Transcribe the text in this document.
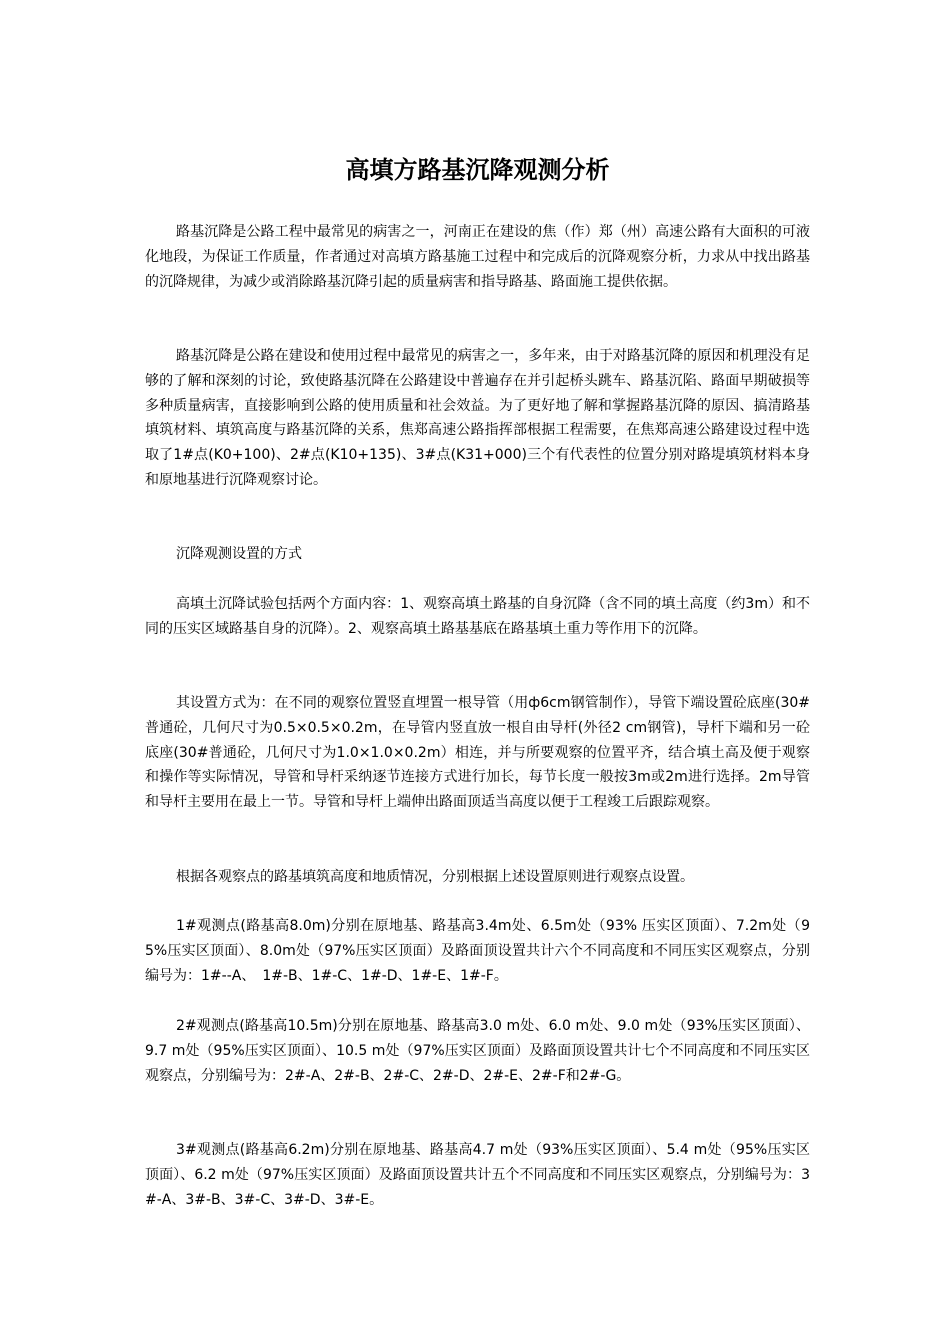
高填方路基沉降观测分析

路基沉降是公路工程中最常见的病害之一，河南正在建设的焦（作）郑（州）高速公路有大面积的可液化地段，为保证工作质量，作者通过对高填方路基施工过程中和完成后的沉降观察分析，力求从中找出路基的沉降规律，为减少或消除路基沉降引起的质量病害和指导路基、路面施工提供依据。

路基沉降是公路在建设和使用过程中最常见的病害之一，多年来，由于对路基沉降的原因和机理没有足够的了解和深刻的讨论，致使路基沉降在公路建设中普遍存在并引起桥头跳车、路基沉陷、路面早期破损等多种质量病害，直接影响到公路的使用质量和社会效益。为了更好地了解和掌握路基沉降的原因、搞清路基填筑材料、填筑高度与路基沉降的关系，焦郑高速公路指挥部根据工程需要，在焦郑高速公路建设过程中选取了1#点(K0+100)、2#点(K10+135)、3#点(K31+000)三个有代表性的位置分别对路堤填筑材料本身和原地基进行沉降观察讨论。

沉降观测设置的方式

高填土沉降试验包括两个方面内容：1、观察高填土路基的自身沉降（含不同的填土高度（约3m）和不同的压实区域路基自身的沉降）。2、观察高填土路基基底在路基填土重力等作用下的沉降。

其设置方式为：在不同的观察位置竖直埋置一根导管（用ф6cm钢管制作），导管下端设置砼底座(30#普通砼，几何尺寸为0.5×0.5×0.2m，在导管内竖直放一根自由导杆(外径2 cm钢管)，导杆下端和另一砼底座(30#普通砼，几何尺寸为1.0×1.0×0.2m）相连，并与所要观察的位置平齐，结合填土高及便于观察和操作等实际情况，导管和导杆采纳逐节连接方式进行加长，每节长度一般按3m或2m进行选择。2m导管和导杆主要用在最上一节。导管和导杆上端伸出路面顶适当高度以便于工程竣工后跟踪观察。

根据各观察点的路基填筑高度和地质情况，分别根据上述设置原则进行观察点设置。

1#观测点(路基高8.0m)分别在原地基、路基高3.4m处、6.5m处（93% 压实区顶面）、7.2m处（95%压实区顶面）、8.0m处（97%压实区顶面）及路面顶设置共计六个不同高度和不同压实区观察点，分别编号为：1#--A、　1#-B、1#-C、1#-D、1#-E、1#-F。

2#观测点(路基高10.5m)分别在原地基、路基高3.0 m处、6.0 m处、9.0 m处（93%压实区顶面）、9.7 m处（95%压实区顶面）、10.5 m处（97%压实区顶面）及路面顶设置共计七个不同高度和不同压实区观察点，分别编号为：2#-A、2#-B、2#-C、2#-D、2#-E、2#-F和2#-G。

3#观测点(路基高6.2m)分别在原地基、路基高4.7 m处（93%压实区顶面）、5.4 m处（95%压实区顶面）、6.2 m处（97%压实区顶面）及路面顶设置共计五个不同高度和不同压实区观察点，分别编号为：3#-A、3#-B、3#-C、3#-D、3#-E。
